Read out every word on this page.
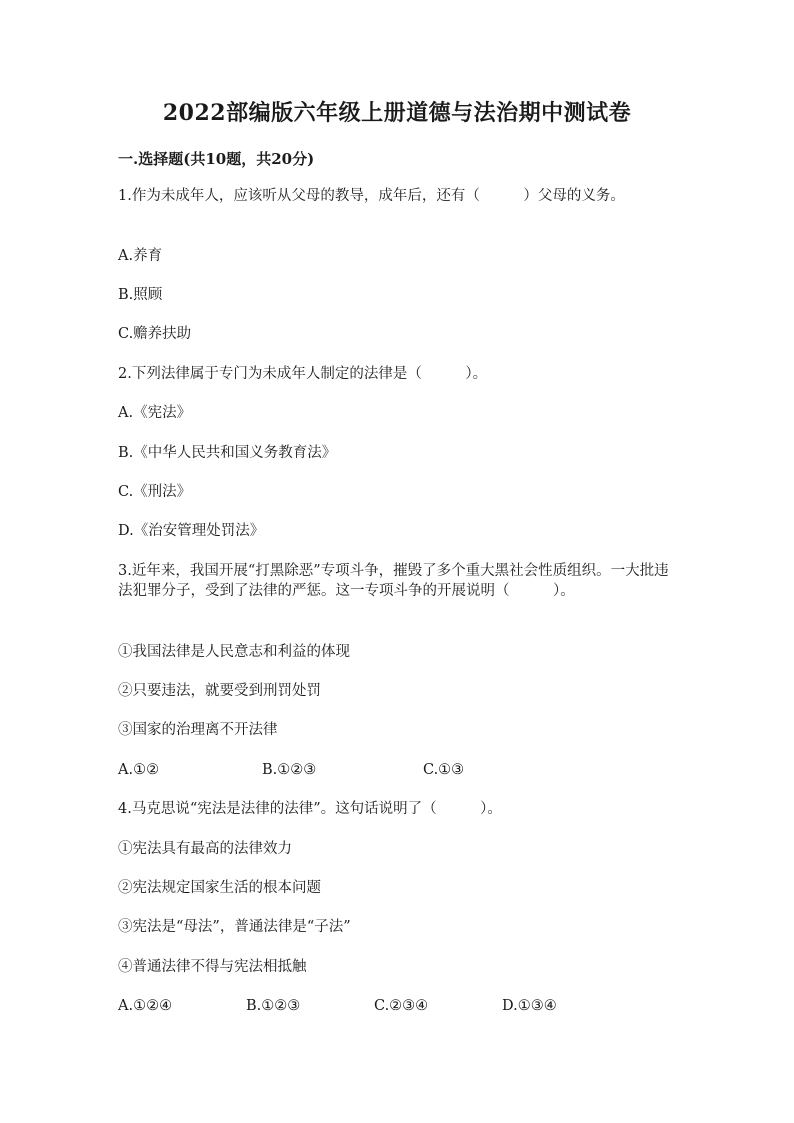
2022部编版六年级上册道德与法治期中测试卷
一.选择题(共10题，共20分)
1.作为未成年人，应该听从父母的教导，成年后，还有（　　　）父母的义务。
A.养育
B.照顾
C.赡养扶助
2.下列法律属于专门为未成年人制定的法律是（　　　）。
A.《宪法》
B.《中华人民共和国义务教育法》
C.《刑法》
D.《治安管理处罚法》
3.近年来，我国开展“打黑除恶”专项斗争，摧毁了多个重大黑社会性质组织。一大批违法犯罪分子，受到了法律的严惩。这一专项斗争的开展说明（　　　）。
①我国法律是人民意志和利益的体现
②只要违法，就要受到刑罚处罚
③国家的治理离不开法律
A.①②	B.①②③	C.①③
4.马克思说“宪法是法律的法律”。这句话说明了（　　　）。
①宪法具有最高的法律效力
②宪法规定国家生活的根本问题
③宪法是“母法”，普通法律是“子法”
④普通法律不得与宪法相抵触
A.①②④	B.①②③	C.②③④	D.①③④
